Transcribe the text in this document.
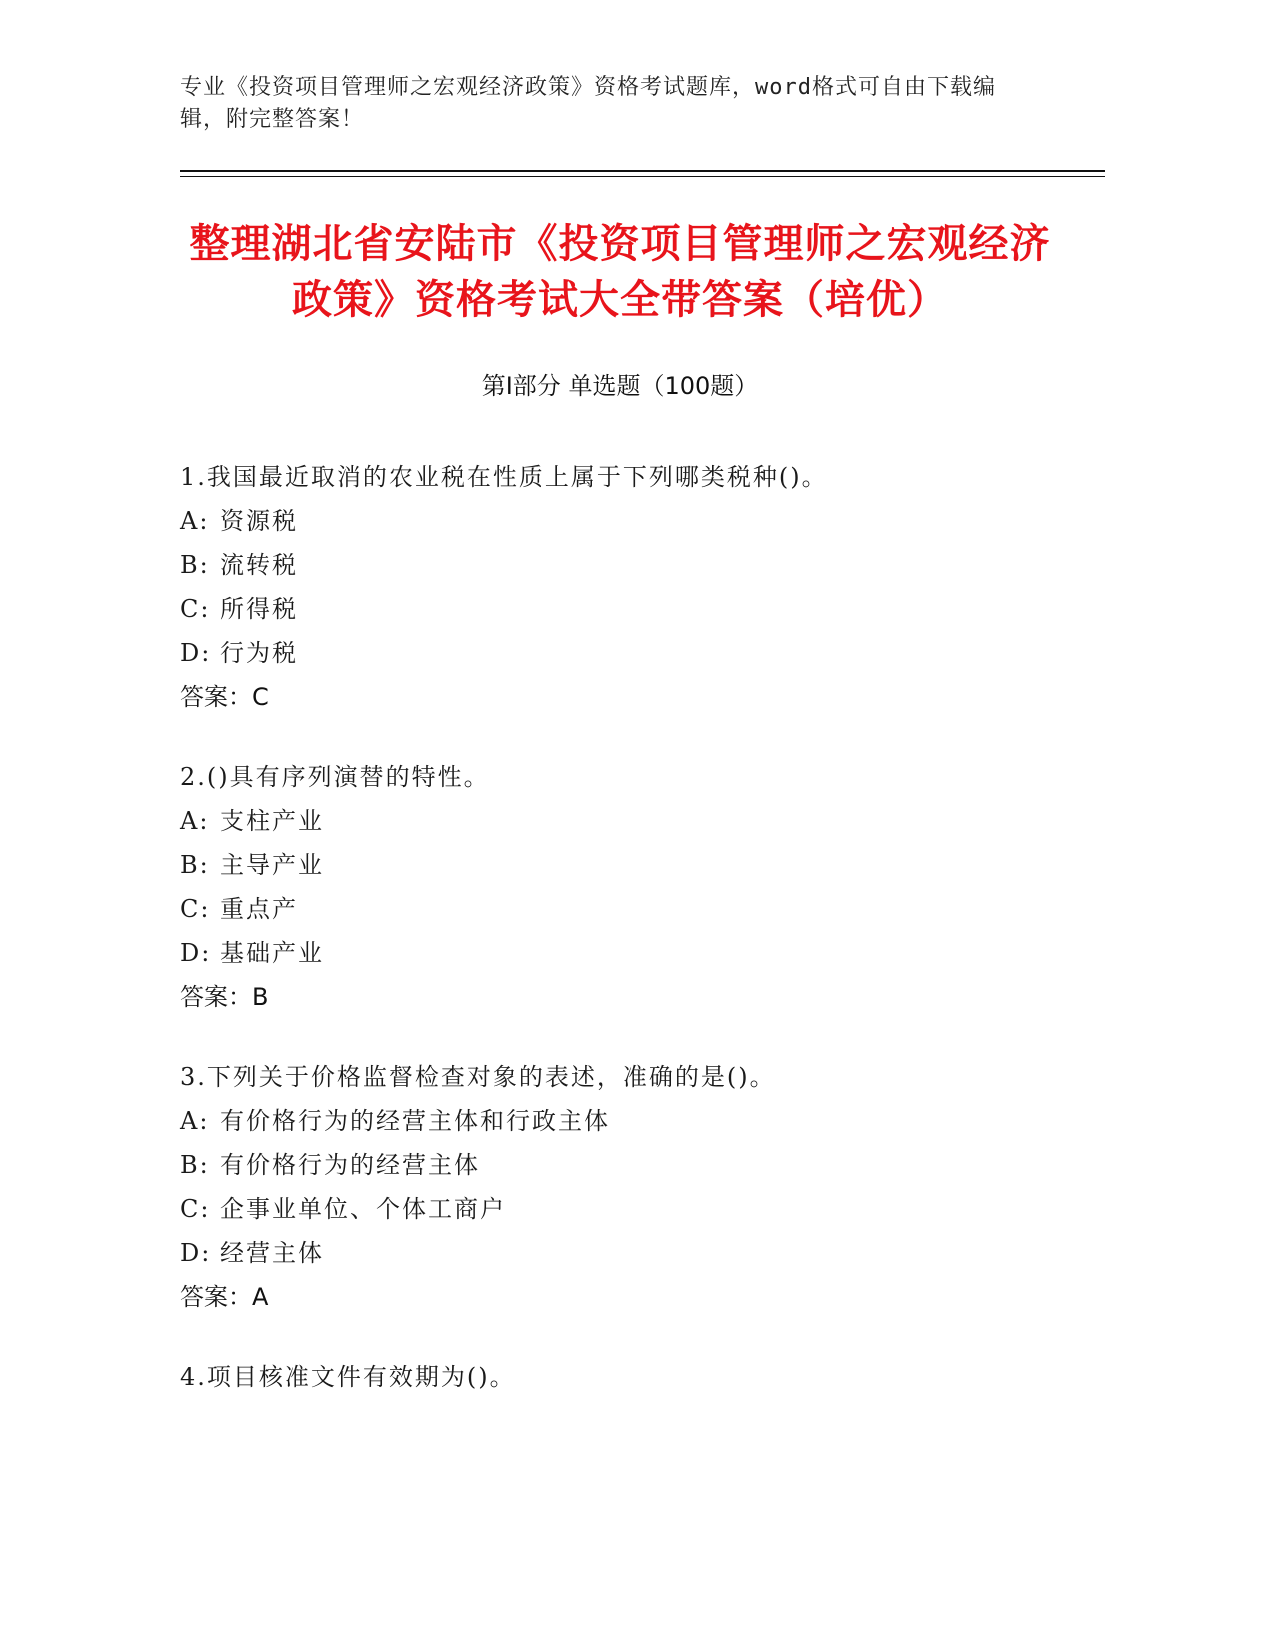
专业《投资项目管理师之宏观经济政策》资格考试题库，word格式可自由下载编辑，附完整答案！
整理湖北省安陆市《投资项目管理师之宏观经济政策》资格考试大全带答案（培优）
第I部分 单选题（100题）
1.我国最近取消的农业税在性质上属于下列哪类税种()。
A: 资源税
B: 流转税
C: 所得税
D: 行为税
答案：C
2.()具有序列演替的特性。
A: 支柱产业
B: 主导产业
C: 重点产
D: 基础产业
答案：B
3.下列关于价格监督检查对象的表述，准确的是()。
A: 有价格行为的经营主体和行政主体
B: 有价格行为的经营主体
C: 企事业单位、个体工商户
D: 经营主体
答案：A
4.项目核准文件有效期为()。
